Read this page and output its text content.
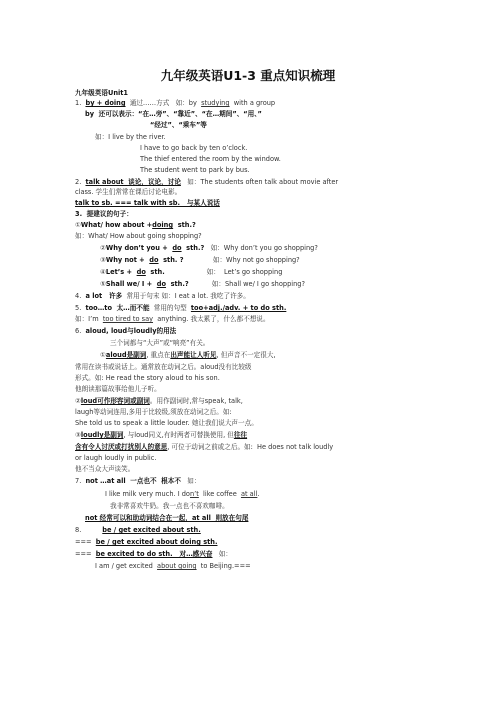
九年级英语U1-3 重点知识梳理
九年级英语Unit1
1.  by + doing  通过……方式   如：by  studying  with a group
by  还可以表示：“在…旁”、“靠近”、“在…期间”、“用、”
“经过”、“乘车”等
如：I live by the river.
I have to go back by ten o’clock.
The thief entered the room by the window.
The student went to park by bus.
2.  talk about  谈论，议论，讨论   如：The students often talk about movie after
class. 学生们常常在课后讨论电影。
talk to sb. === talk with sb.   与某人说话
3.  提建议的句子：
①What/ how about +doing  sth.?
如：What/ How about going shopping?
②Why don’t you +  do  sth.?   如：Why don’t you go shopping?
③Why not +  do  sth. ?              如：Why not go shopping?
④Let’s +  do  sth.                    如：  Let’s go shopping
⑤Shall we/ I +  do  sth.?           如：Shall we/ I go shopping?
4.  a lot   许多  常用于句末 如：I eat a lot. 我吃了许多。
5.  too…to  太…而不能  常用的句型  too+adj./adv. + to do sth.
如：I’m  too tired to say  anything. 我太累了，什么都不想说。
6.  aloud, loud与loudly的用法
三个词都与“大声”或“响亮”有关。
①aloud是副词, 重点在出声能让人听见, 但声音不一定很大,
常用在读书或说话上。通常放在动词之后。aloud没有比较级
形式。如: He read the story aloud to his son.
他朗读那篇故事给他儿子听。
②loud可作形容词或副词。用作副词时,常与speak, talk,
laugh等动词连用,多用于比较级,须放在动词之后。如:
She told us to speak a little louder. 她让我们说大声一点。
③loudly是副词, 与loud同义,有时两者可替换使用, 但往往
含有令人讨厌或打扰别人的意思, 可位于动词之前或之后。如:  He does not talk loudly
or laugh loudly in public.
他不当众大声谈笑。
7.  not …at all  一点也不  根本不   如：
I like milk very much. I don’t  like coffee  at all.
我非常喜欢牛奶。我一点也不喜欢咖啡。
not 经常可以和助动词结合在一起，at all  则放在句尾
8.          be / get excited about sth.
===  be / get excited about doing sth.
===  be excited to do sth.   对…感兴奋   如：
I am / get excited  about going  to Beijing.===
